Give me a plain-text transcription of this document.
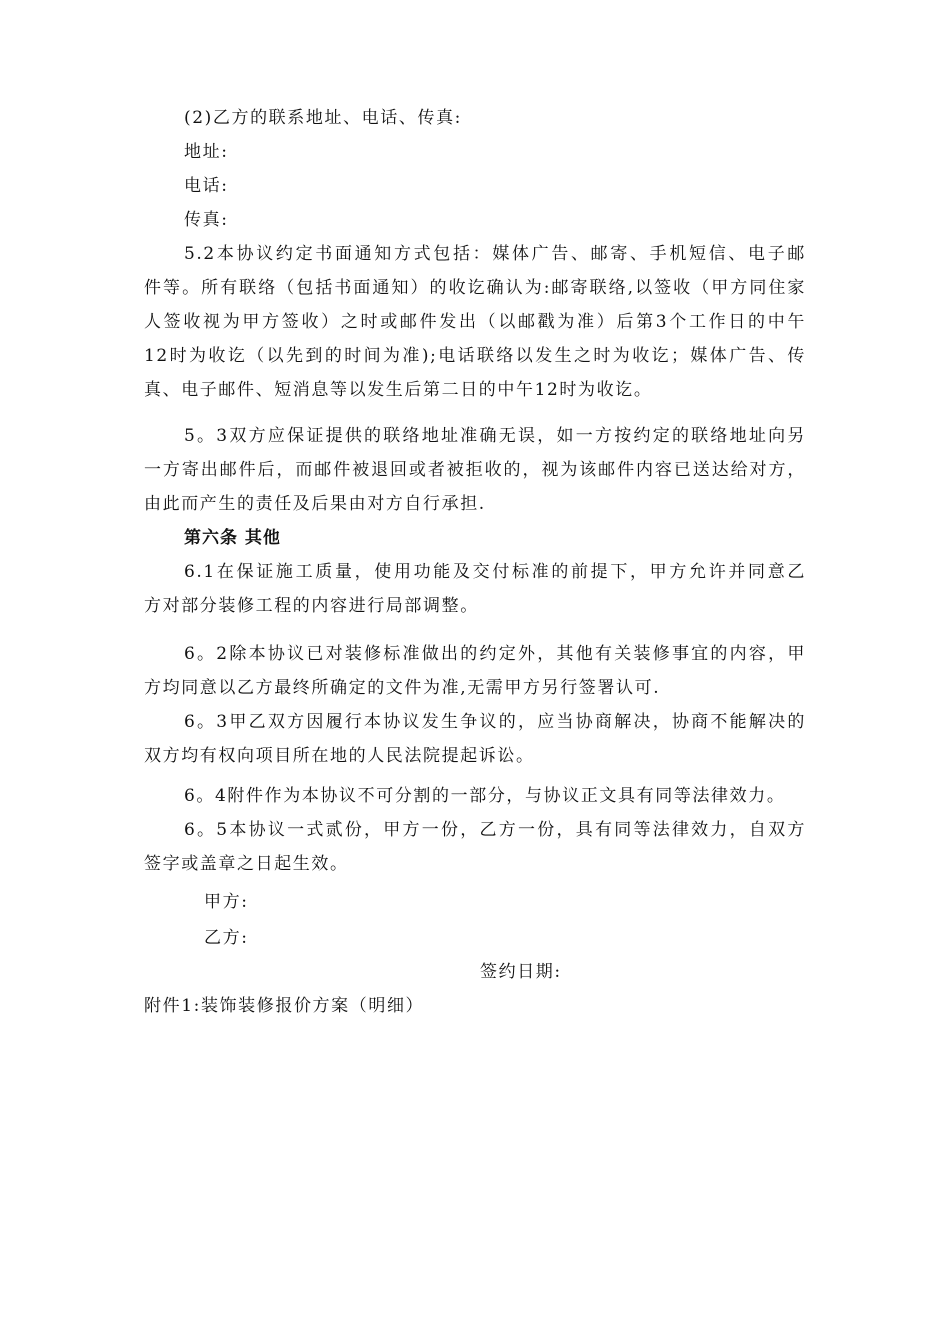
(2)乙方的联系地址、电话、传真:
地址:
电话:
传真:
5.2本协议约定书面通知方式包括：媒体广告、邮寄、手机短信、电子邮
件等。所有联络（包括书面通知）的收讫确认为:邮寄联络,以签收（甲方同住家
人签收视为甲方签收）之时或邮件发出（以邮戳为准）后第3个工作日的中午
12时为收讫（以先到的时间为准);电话联络以发生之时为收讫；媒体广告、传
真、电子邮件、短消息等以发生后第二日的中午12时为收讫。
5。3双方应保证提供的联络地址准确无误，如一方按约定的联络地址向另
一方寄出邮件后，而邮件被退回或者被拒收的，视为该邮件内容已送达给对方，
由此而产生的责任及后果由对方自行承担.
第六条 其他
6.1在保证施工质量，使用功能及交付标准的前提下，甲方允许并同意乙
方对部分装修工程的内容进行局部调整。
6。2除本协议已对装修标准做出的约定外，其他有关装修事宜的内容，甲
方均同意以乙方最终所确定的文件为准,无需甲方另行签署认可.
6。3甲乙双方因履行本协议发生争议的，应当协商解决，协商不能解决的
双方均有权向项目所在地的人民法院提起诉讼。
6。4附件作为本协议不可分割的一部分，与协议正文具有同等法律效力。
6。5本协议一式贰份，甲方一份，乙方一份，具有同等法律效力，自双方
签字或盖章之日起生效。
甲方:
乙方:
签约日期:
附件1:装饰装修报价方案（明细）
